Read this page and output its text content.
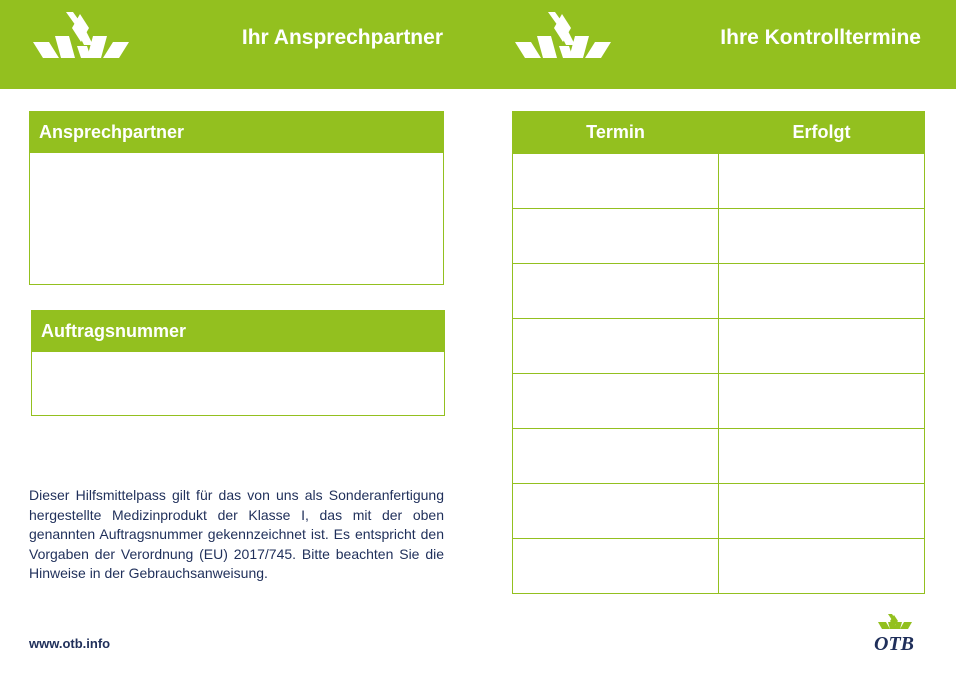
Ihr Ansprechpartner	Ihre Kontrolltermine
Ansprechpartner
Auftragsnummer
Dieser Hilfsmittelpass gilt für das von uns als Sonderanfertigung hergestellte Medizinprodukt der Klasse I, das mit der oben genannten Auftragsnummer gekennzeichnet ist. Es entspricht den Vorgaben der Verordnung (EU) 2017/745. Bitte beachten Sie die Hinweise in der Gebrauchsanweisung.
www.otb.info
Termin	Erfolgt

OTB
